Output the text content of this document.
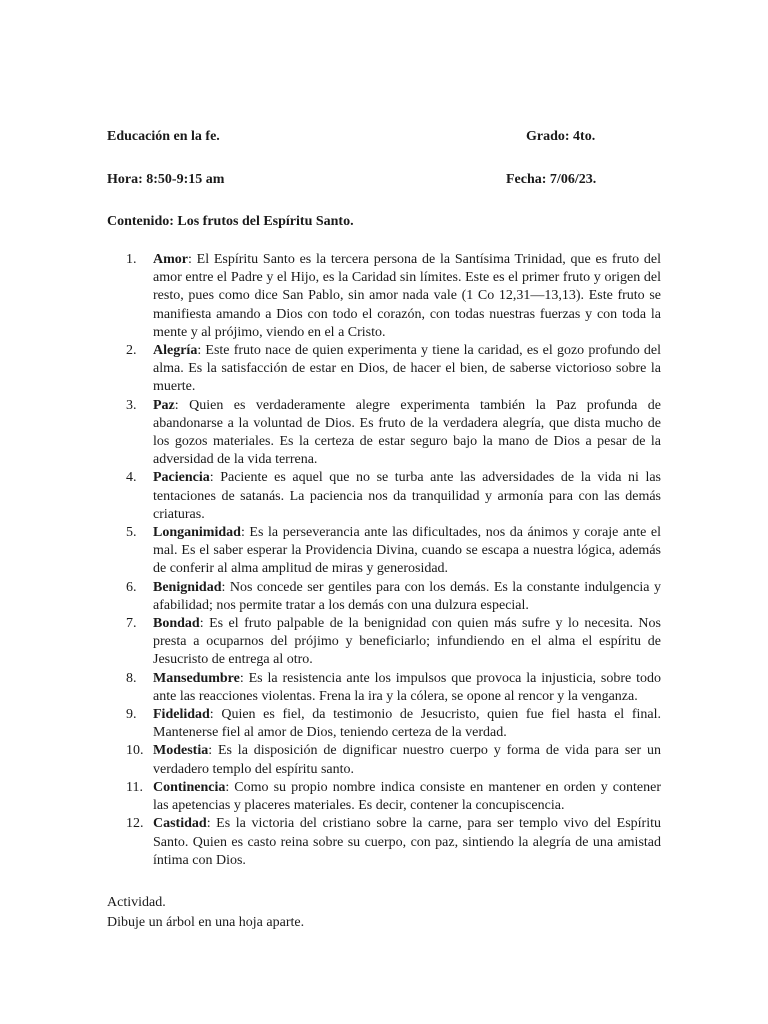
Educación en la fe.	Grado: 4to.
Hora: 8:50-9:15 am	Fecha: 7/06/23.
Contenido: Los frutos del Espíritu Santo.
1.	Amor: El Espíritu Santo es la tercera persona de la Santísima Trinidad, que es fruto del amor entre el Padre y el Hijo, es la Caridad sin límites. Este es el primer fruto y origen del resto, pues como dice San Pablo, sin amor nada vale (1 Co 12,31—13,13). Este fruto se manifiesta amando a Dios con todo el corazón, con todas nuestras fuerzas y con toda la mente y al prójimo, viendo en el a Cristo.
2.	Alegría: Este fruto nace de quien experimenta y tiene la caridad, es el gozo profundo del alma. Es la satisfacción de estar en Dios, de hacer el bien, de saberse victorioso sobre la muerte.
3.	Paz: Quien es verdaderamente alegre experimenta también la Paz profunda de abandonarse a la voluntad de Dios. Es fruto de la verdadera alegría, que dista mucho de los gozos materiales. Es la certeza de estar seguro bajo la mano de Dios a pesar de la adversidad de la vida terrena.
4.	Paciencia: Paciente es aquel que no se turba ante las adversidades de la vida ni las tentaciones de satanás. La paciencia nos da tranquilidad y armonía para con las demás criaturas.
5.	Longanimidad: Es la perseverancia ante las dificultades, nos da ánimos y coraje ante el mal. Es el saber esperar la Providencia Divina, cuando se escapa a nuestra lógica, además de conferir al alma amplitud de miras y generosidad.
6.	Benignidad: Nos concede ser gentiles para con los demás. Es la constante indulgencia y afabilidad; nos permite tratar a los demás con una dulzura especial.
7.	Bondad: Es el fruto palpable de la benignidad con quien más sufre y lo necesita. Nos presta a ocuparnos del prójimo y beneficiarlo; infundiendo en el alma el espíritu de Jesucristo de entrega al otro.
8.	Mansedumbre: Es la resistencia ante los impulsos que provoca la injusticia, sobre todo ante las reacciones violentas. Frena la ira y la cólera, se opone al rencor y la venganza.
9.	Fidelidad: Quien es fiel, da testimonio de Jesucristo, quien fue fiel hasta el final. Mantenerse fiel al amor de Dios, teniendo certeza de la verdad.
10. Modestia: Es la disposición de dignificar nuestro cuerpo y forma de vida para ser un verdadero templo del espíritu santo.
11. Continencia: Como su propio nombre indica consiste en mantener en orden y contener las apetencias y placeres materiales. Es decir, contener la concupiscencia.
12. Castidad: Es la victoria del cristiano sobre la carne, para ser templo vivo del Espíritu Santo. Quien es casto reina sobre su cuerpo, con paz, sintiendo la alegría de una amistad íntima con Dios.
Actividad.
Dibuje un árbol en una hoja aparte.
